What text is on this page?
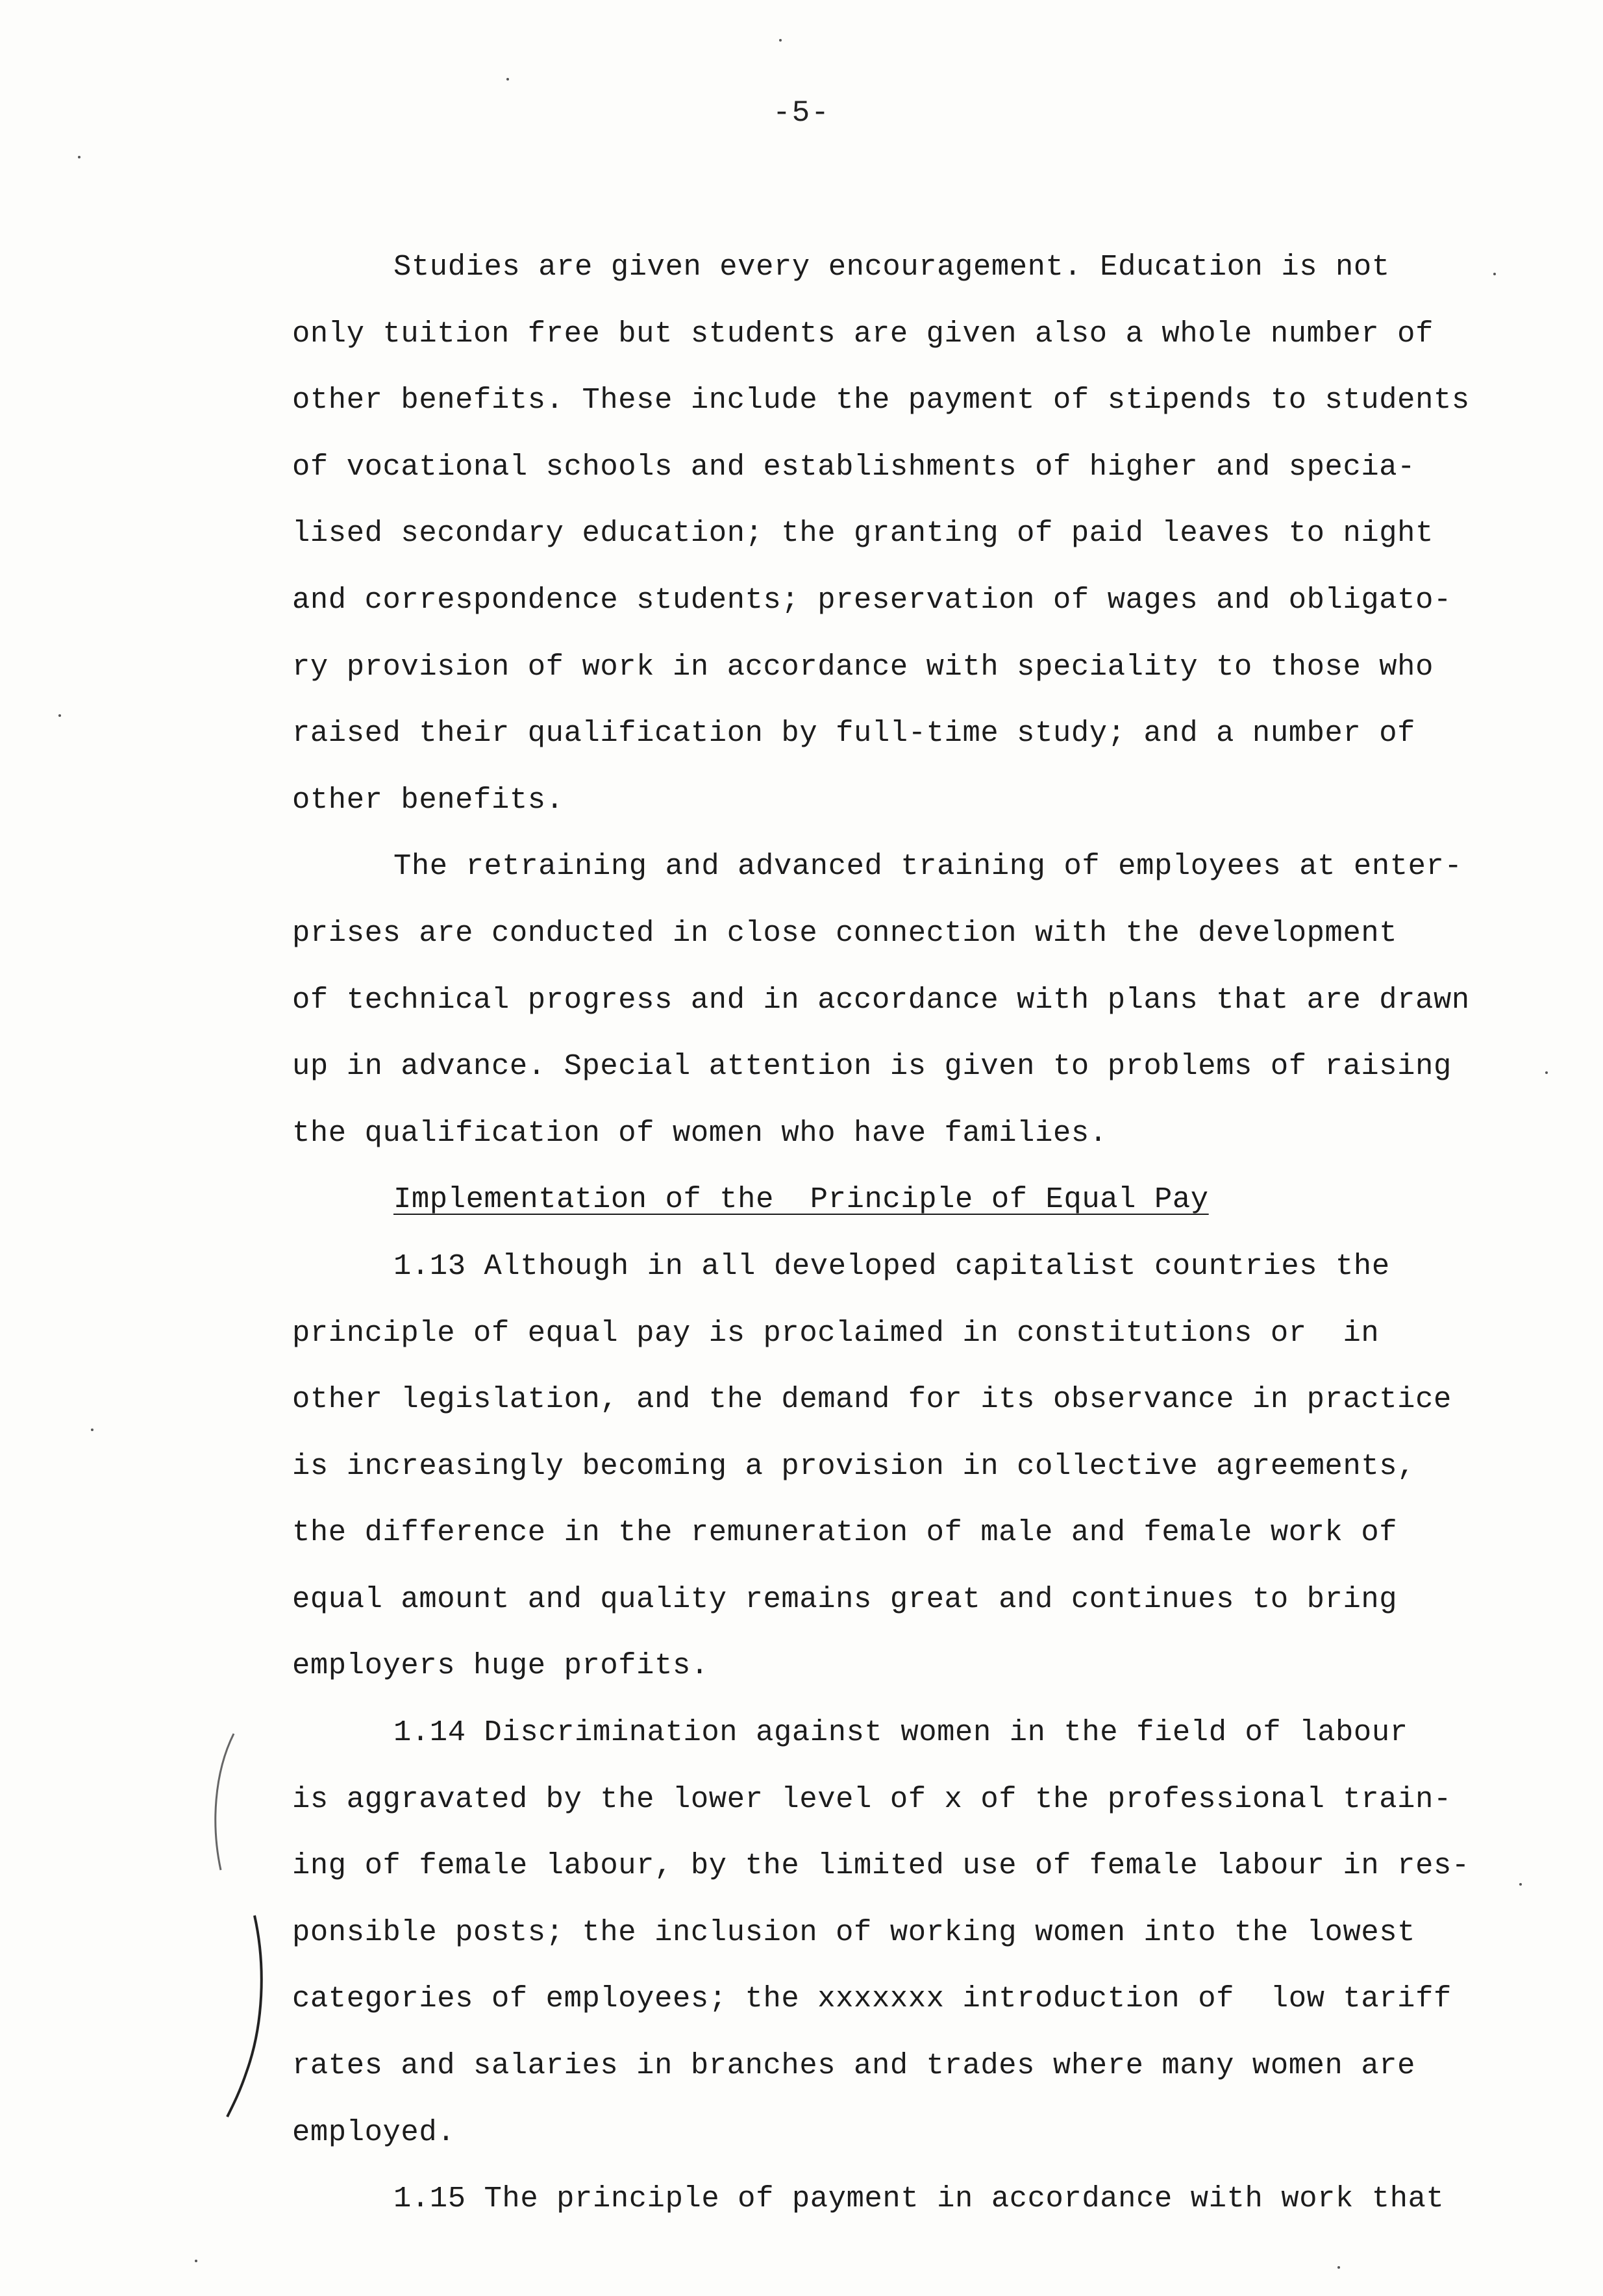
-5-
Studies are given every encouragement. Education is not
only tuition free but students are given also a whole number of
other benefits. These include the payment of stipends to students
of vocational schools and establishments of higher and specia-
lised secondary education; the granting of paid leaves to night
and correspondence students; preservation of wages and obligato-
ry provision of work in accordance with speciality to those who
raised their qualification by full-time study; and a number of
other benefits.
The retraining and advanced training of employees at enter-
prises are conducted in close connection with the development
of technical progress and in accordance with plans that are drawn
up in advance. Special attention is given to problems of raising
the qualification of women who have families.
Implementation of the  Principle of Equal Pay
1.13 Although in all developed capitalist countries the
principle of equal pay is proclaimed in constitutions or  in
other legislation, and the demand for its observance in practice
is increasingly becoming a provision in collective agreements,
the difference in the remuneration of male and female work of
equal amount and quality remains great and continues to bring
employers huge profits.
1.14 Discrimination against women in the field of labour
is aggravated by the lower level of x of the professional train-
ing of female labour, by the limited use of female labour in res-
ponsible posts; the inclusion of working women into the lowest
categories of employees; the xxxxxxx introduction of  low tariff
rates and salaries in branches and trades where many women are
employed.
1.15 The principle of payment in accordance with work that
